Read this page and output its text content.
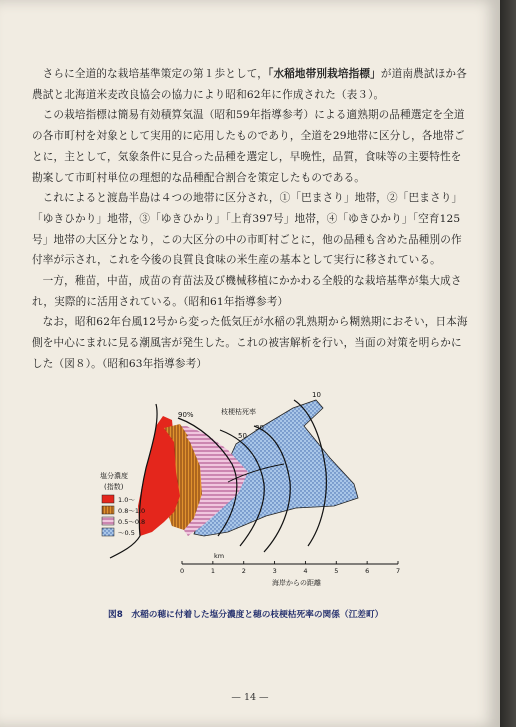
さらに全道的な栽培基準策定の第１歩として，「水稲地帯別栽培指標」が道南農試ほか各農試と北海道米麦改良協会の協力により昭和62年に作成された（表３）。

この栽培指標は簡易有効積算気温（昭和59年指導参考）による適熟期の品種選定を全道の各市町村を対象として実用的に応用したものであり，全道を29地帯に区分し，各地帯ごとに，主として，気象条件に見合った品種を選定し，早晩性，品質，食味等の主要特性を勘案して市町村単位の理想的な品種配合割合を策定したものである。

これによると渡島半島は４つの地帯に区分され，①「巴まさり」地帯，②「巴まさり」「ゆきひかり」地帯，③「ゆきひかり」「上育397号」地帯，④「ゆきひかり」「空育125号」地帯の大区分となり，この大区分の中の市町村ごとに，他の品種も含めた品種別の作付率が示され，これを今後の良質良食味の米生産の基本として実行に移されている。

一方，稚苗，中苗，成苗の育苗法及び機械移植にかかわる全般的な栽培基準が集大成され，実際的に活用されている。（昭和61年指導参考）

なお，昭和62年台風12号から変った低気圧が水稲の乳熟期から糊熟期におそい，日本海側を中心にまれに見る潮風害が発生した。これの被害解析を行い，当面の対策を明らかにした（図８）。（昭和63年指導参考）

90%	枝梗枯死率
10
30
50
塩分濃度
(指数)
1.0～
0.8～1.0
0.5～0.8
～0.5
km
0	1	2	3	4	5	6	7
海岸からの距離
図8　水稲の穂に付着した塩分濃度と穂の枝梗枯死率の関係（江差町）
— 14 —
